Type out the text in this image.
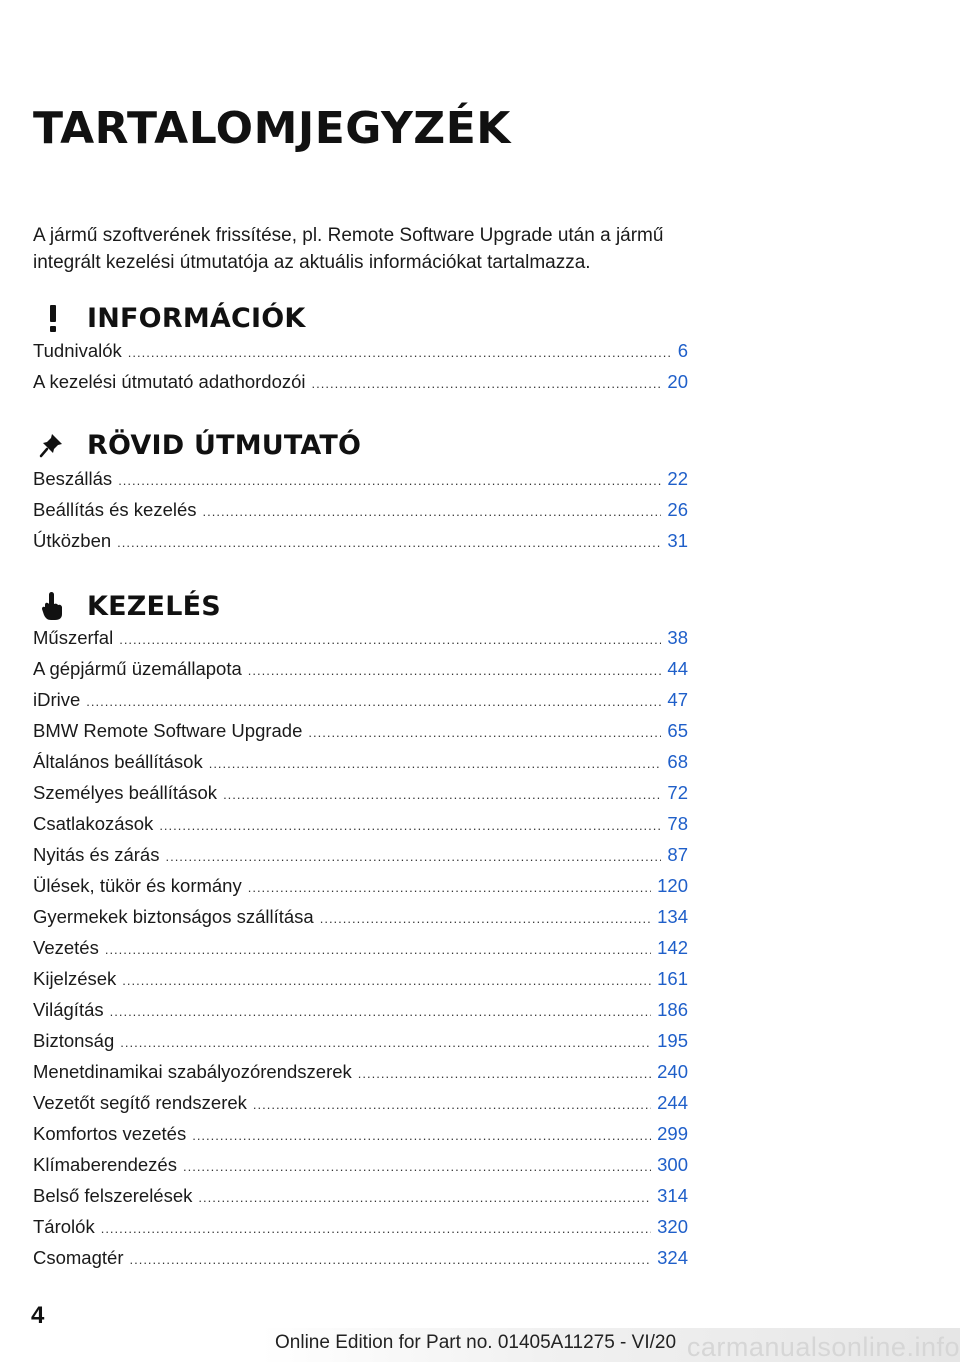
TARTALOMJEGYZÉK
A jármű szoftverének frissítése, pl. Remote Software Upgrade után a jármű integrált kezelési útmutatója az aktuális információkat tartalmazza.
INFORMÁCIÓK
Tudnivalók .....	6
A kezelési útmutató adathordozói .....	20
RÖVID ÚTMUTATÓ
Beszállás .....	22
Beállítás és kezelés .....	26
Útközben .....	31
KEZELÉS
Műszerfal .....	38
A gépjármű üzemállapota .....	44
iDrive .....	47
BMW Remote Software Upgrade .....	65
Általános beállítások .....	68
Személyes beállítások .....	72
Csatlakozások .....	78
Nyitás és zárás .....	87
Ülések, tükör és kormány .....	120
Gyermekek biztonságos szállítása .....	134
Vezetés .....	142
Kijelzések .....	161
Világítás .....	186
Biztonság .....	195
Menetdinamikai szabályozórendszerek .....	240
Vezetőt segítő rendszerek .....	244
Komfortos vezetés .....	299
Klímaberendezés .....	300
Belső felszerelések .....	314
Tárolók .....	320
Csomagtér .....	324
4
Online Edition for Part no. 01405A11275 - VI/20 carmanualsonline.info
